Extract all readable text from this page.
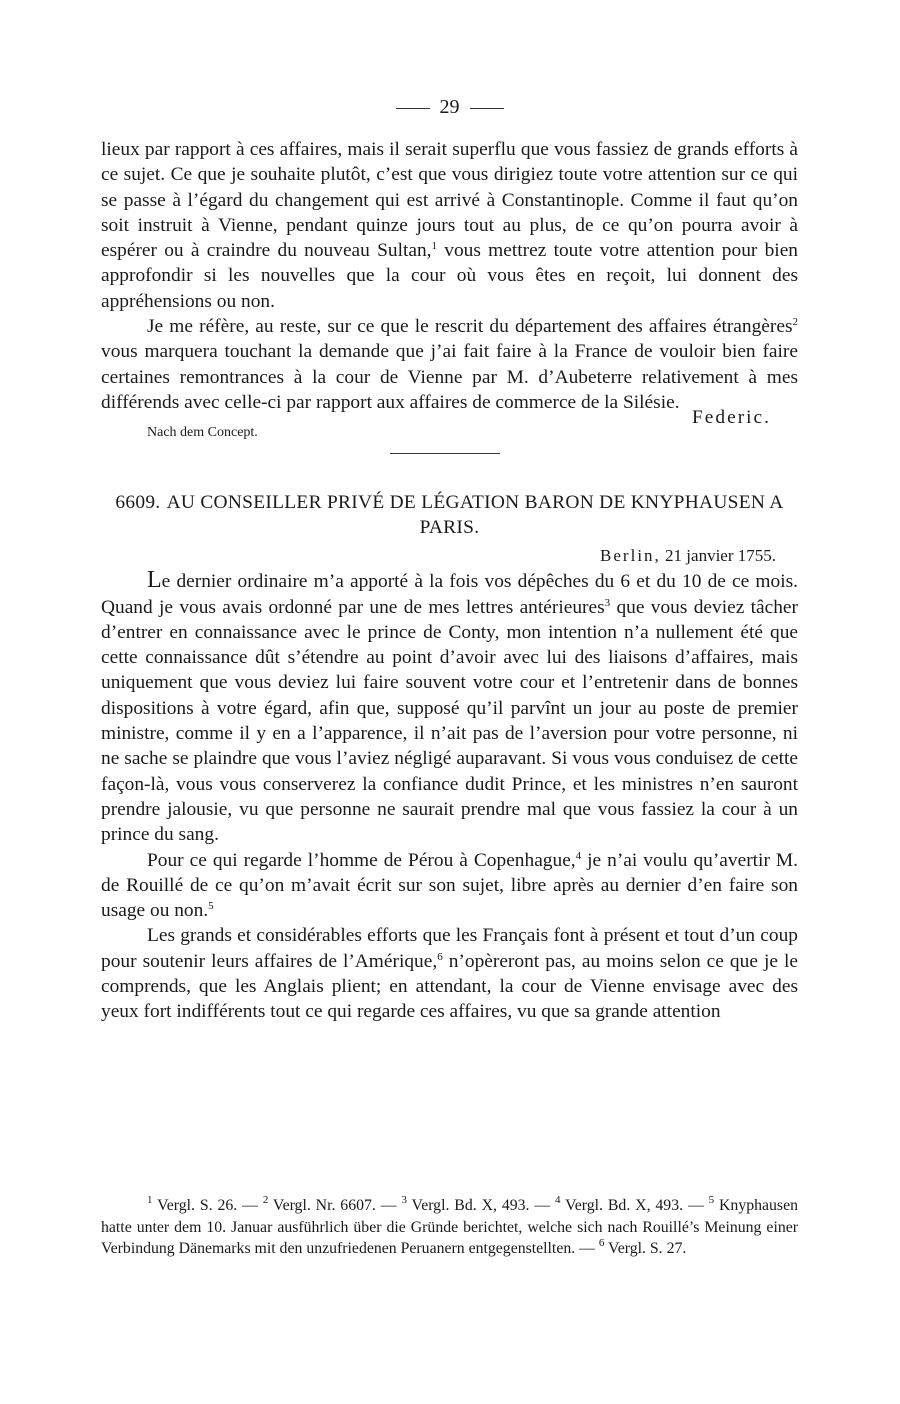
29

lieux par rapport à ces affaires, mais il serait superflu que vous fassiez de grands efforts à ce sujet. Ce que je souhaite plutôt, c’est que vous dirigiez toute votre attention sur ce qui se passe à l’égard du changement qui est arrivé à Constantinople. Comme il faut qu’on soit instruit à Vienne, pendant quinze jours tout au plus, de ce qu’on pourra avoir à espérer ou à craindre du nouveau Sultan,$^1$ vous mettrez toute votre attention pour bien approfondir si les nouvelles que la cour où vous êtes en reçoit, lui donnent des appréhensions ou non.

Je me réfère, au reste, sur ce que le rescrit du département des affaires étrangères$^2$ vous marquera touchant la demande que j’ai fait faire à la France de vouloir bien faire certaines remontrances à la cour de Vienne par M. d’Aubeterre relativement à mes différends avec celle-ci par rapport aux affaires de commerce de la Silésie.

Federic.
Nach dem Concept.
6609. AU CONSEILLER PRIVÉ DE LÉGATION BARON DE KNYPHAUSEN A PARIS.
Berlin, 21 janvier 1755.

Le dernier ordinaire m’a apporté à la fois vos dépêches du 6 et du 10 de ce mois. Quand je vous avais ordonné par une de mes lettres antérieures$^3$ que vous deviez tâcher d’entrer en connaissance avec le prince de Conty, mon intention n’a nullement été que cette connaissance dût s’étendre au point d’avoir avec lui des liaisons d’affaires, mais uniquement que vous deviez lui faire souvent votre cour et l’entretenir dans de bonnes dispositions à votre égard, afin que, supposé qu’il parvînt un jour au poste de premier ministre, comme il y en a l’apparence, il n’ait pas de l’aversion pour votre personne, ni ne sache se plaindre que vous l’aviez négligé auparavant. Si vous vous conduisez de cette façon-là, vous vous conserverez la confiance dudit Prince, et les ministres n’en sauront prendre jalousie, vu que personne ne saurait prendre mal que vous fassiez la cour à un prince du sang.

Pour ce qui regarde l’homme de Pérou à Copenhague,$^4$ je n’ai voulu qu’avertir M. de Rouillé de ce qu’on m’avait écrit sur son sujet, libre après au dernier d’en faire son usage ou non.$^5$

Les grands et considérables efforts que les Français font à présent et tout d’un coup pour soutenir leurs affaires de l’Amérique,$^6$ n’opèreront pas, au moins selon ce que je le comprends, que les Anglais plient; en attendant, la cour de Vienne envisage avec des yeux fort indifférents tout ce qui regarde ces affaires, vu que sa grande attention

$^1$ Vergl. S. 26. — $^2$ Vergl. Nr. 6607. — $^3$ Vergl. Bd. X, 493. — $^4$ Vergl. Bd. X, 493. — $^5$ Knyphausen hatte unter dem 10. Januar ausführlich über die Gründe berichtet, welche sich nach Rouillé’s Meinung einer Verbindung Dänemarks mit den unzufriedenen Peruanern entgegenstellten. — $^6$ Vergl. S. 27.
